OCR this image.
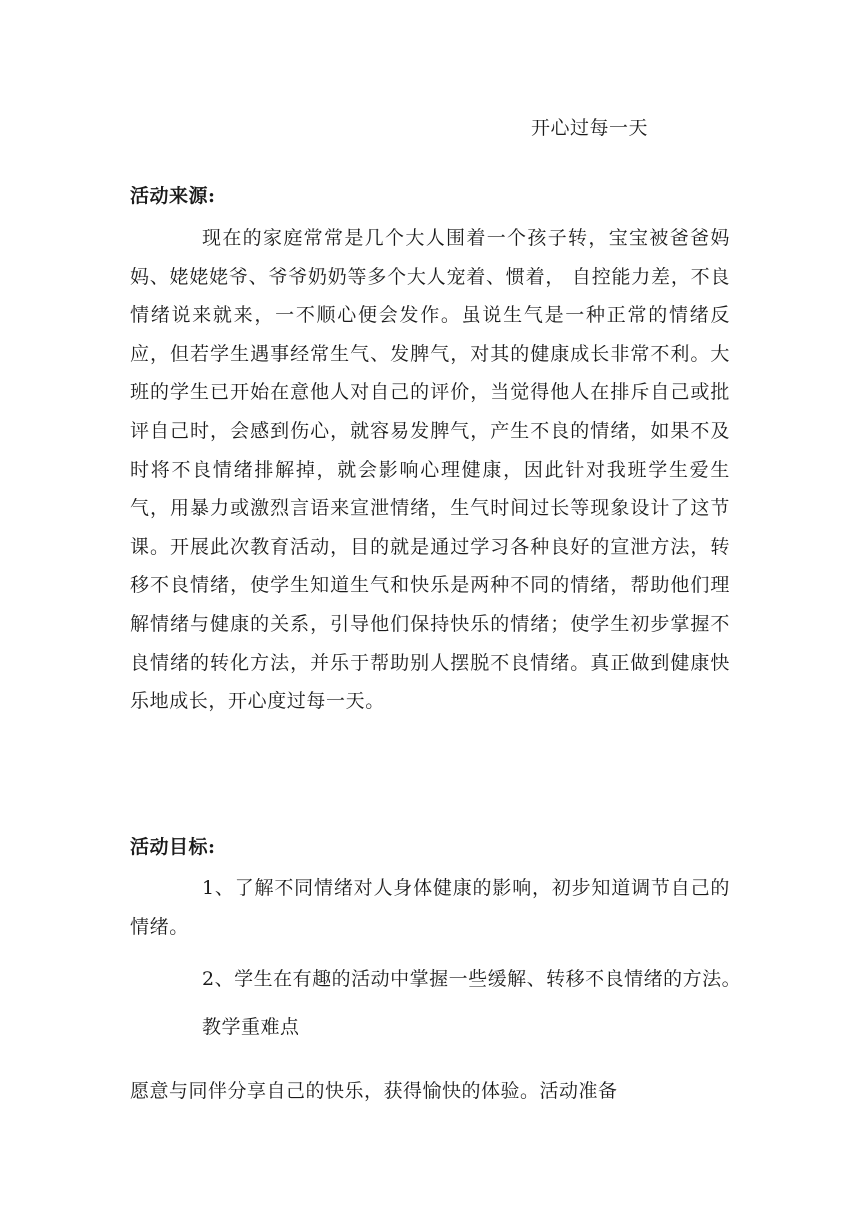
开心过每一天
活动来源:
现在的家庭常常是几个大人围着一个孩子转，宝宝被爸爸妈妈、姥姥姥爷、爷爷奶奶等多个大人宠着、惯着， 自控能力差，不良情绪说来就来，一不顺心便会发作。虽说生气是一种正常的情绪反应，但若学生遇事经常生气、发脾气，对其的健康成长非常不利。大班的学生已开始在意他人对自己的评价，当觉得他人在排斥自己或批评自己时，会感到伤心，就容易发脾气，产生不良的情绪，如果不及时将不良情绪排解掉，就会影响心理健康，因此针对我班学生爱生气，用暴力或激烈言语来宣泄情绪，生气时间过长等现象设计了这节课。开展此次教育活动，目的就是通过学习各种良好的宣泄方法，转移不良情绪，使学生知道生气和快乐是两种不同的情绪，帮助他们理解情绪与健康的关系，引导他们保持快乐的情绪；使学生初步掌握不良情绪的转化方法，并乐于帮助别人摆脱不良情绪。真正做到健康快乐地成长，开心度过每一天。
活动目标:
1、了解不同情绪对人身体健康的影响，初步知道调节自己的情绪。
2、学生在有趣的活动中掌握一些缓解、转移不良情绪的方法。
教学重难点
愿意与同伴分享自己的快乐，获得愉快的体验。活动准备
